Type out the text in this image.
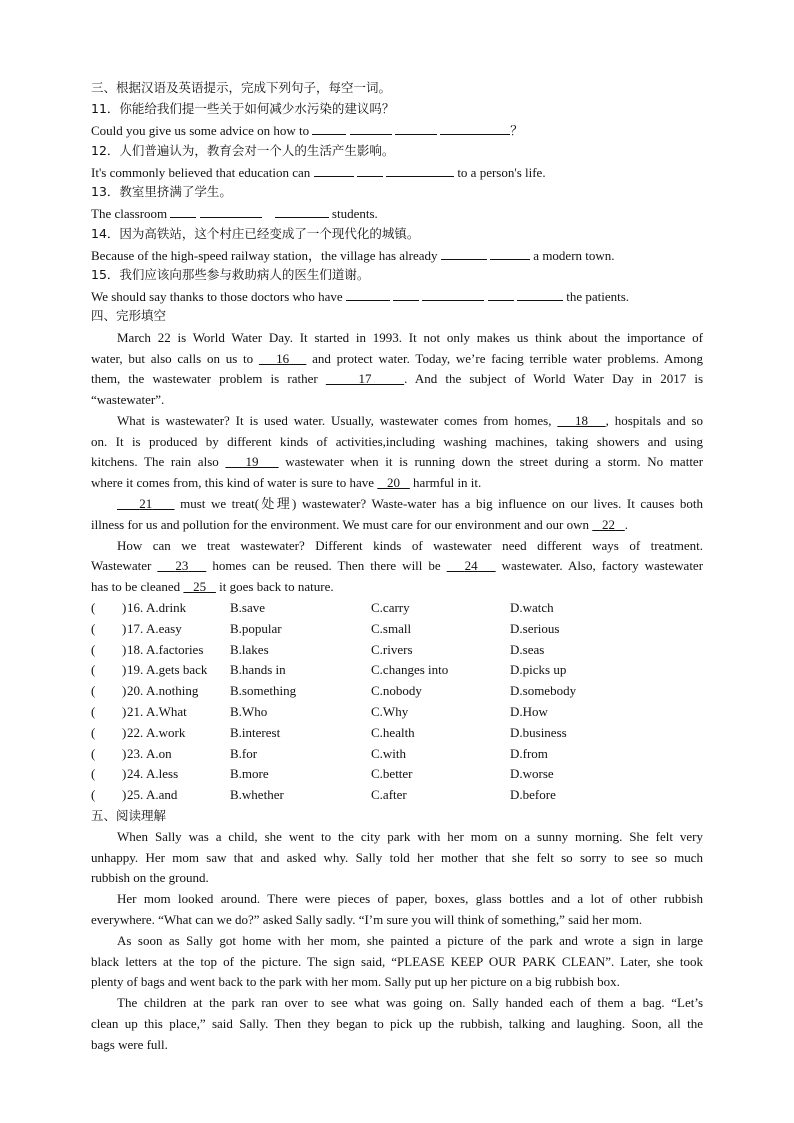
三、根据汉语及英语提示，完成下列句子，每空一词。
11．你能给我们提一些关于如何减少水污染的建议吗？
Could you give us some advice on how to	？
12．人们普遍认为，教育会对一个人的生活产生影响。
It's commonly believed that education can	to a person's life.
13．教室里挤满了学生。
The classroom	students.
14．因为高铁站，这个村庄已经变成了一个现代化的城镇。
Because of the high-speed railway station，the village has already	a modern town.
15．我们应该向那些参与救助病人的医生们道谢。
We should say thanks to those doctors who have	the patients.
四、完形填空
March 22 is World Water Day. It started in 1993. It not only makes us think about the importance of
water, but also calls on us to 16 and protect water. Today, we’re facing terrible water problems. Among
them, the wastewater problem is rather	17	. And the subject of World Water Day in 2017 is
“wastewater”.
What is wastewater? It is used water. Usually, wastewater comes from homes, 18 , hospitals and so
on. It is produced by different kinds of activities,including washing machines, taking showers and using
kitchens. The rain also 19 wastewater when it is running down the street during a storm. No matter
where it comes from, this kind of water is sure to have 20 harmful in it.
21 must we treat(处理) wastewater? Waste-water has a big influence on our lives. It causes both
illness for us and pollution for the environment. We must care for our environment and our own 22 .
How can we treat wastewater? Different kinds of wastewater need different ways of treatment.
Wastewater 23 homes can be reused. Then there will be 24 wastewater. Also, factory wastewater
has to be cleaned 25 it goes back to nature.
( ) 16. A.drink	B.save	C.carry	D.watch
( ) 17. A.easy	B.popular	C.small	D.serious
( ) 18. A.factories B.lakes	C.rivers	D.seas
( ) 19. A.gets back B.hands in	C.changes into	D.picks up
( ) 20. A.nothing B.something	C.nobody	D.somebody
( ) 21. A.What	B.Who	C.Why	D.How
( ) 22. A.work	B.interest	C.health	D.business
( ) 23. A.on	B.for	C.with	D.from
( ) 24. A.less	B.more	C.better	D.worse
( ) 25. A.and	B.whether	C.after	D.before
五、阅读理解
When Sally was a child, she went to the city park with her mom on a sunny morning. She felt very
unhappy. Her mom saw that and asked why. Sally told her mother that she felt so sorry to see so much
rubbish on the ground.
Her mom looked around. There were pieces of paper, boxes, glass bottles and a lot of other rubbish
everywhere. “What can we do?” asked Sally sadly. “I’m sure you will think of something,” said her mom.
As soon as Sally got home with her mom, she painted a picture of the park and wrote a sign in large
black letters at the top of the picture. The sign said, “PLEASE KEEP OUR PARK CLEAN”. Later, she took
plenty of bags and went back to the park with her mom. Sally put up her picture on a big rubbish box.
The children at the park ran over to see what was going on. Sally handed each of them a bag. “Let’s
clean up this place,” said Sally. Then they began to pick up the rubbish, talking and laughing. Soon, all the
bags were full.
